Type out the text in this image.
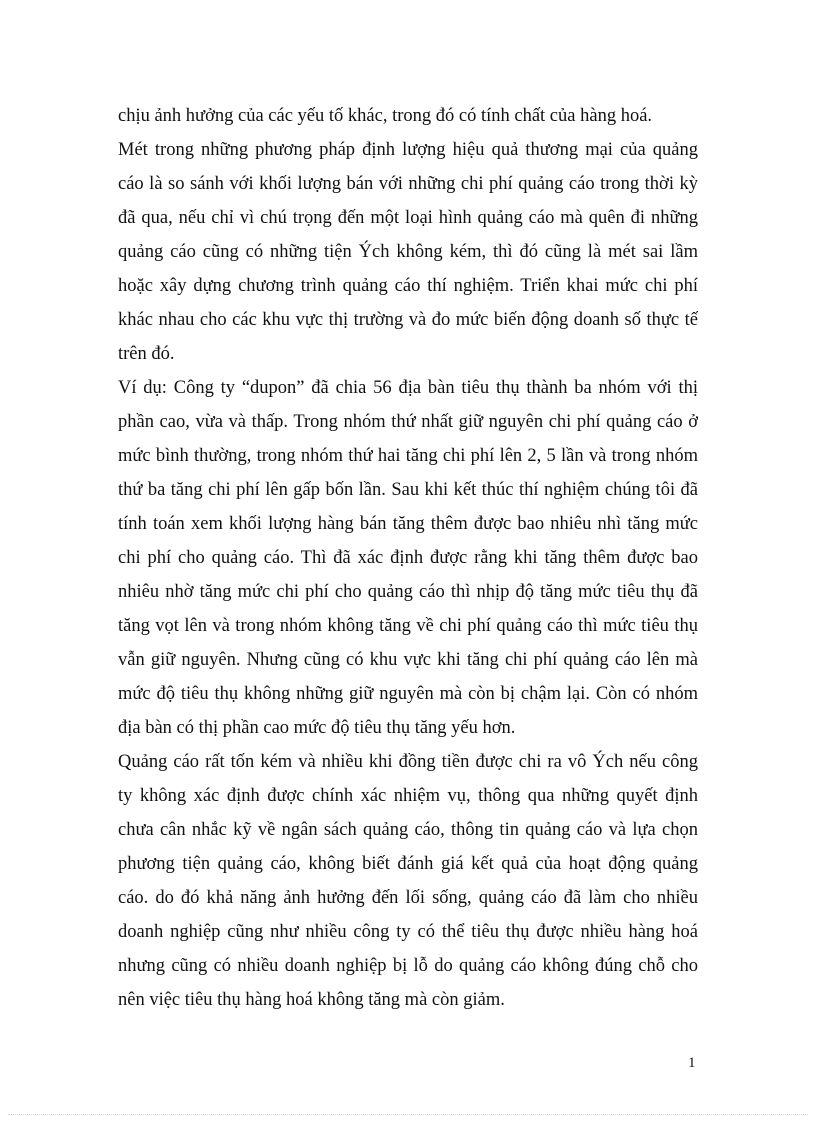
chịu ảnh hưởng của các yếu tố khác, trong đó có tính chất của hàng hoá.
Mét trong những phương pháp định lượng hiệu quả thương mại của quảng
cáo là so sánh với khối lượng bán với những chi phí quảng cáo trong thời kỳ
đã qua, nếu chỉ vì chú trọng đến một loại hình quảng cáo mà quên đi những
quảng cáo cũng có những tiện Ých không kém, thì đó cũng là mét sai lầm
hoặc xây dựng chương trình quảng cáo thí nghiệm. Triển khai mức chi phí
khác nhau cho các khu vực thị trường và đo mức biến động doanh số thực tế
trên đó.
Ví dụ: Công ty “dupon” đã chia 56 địa bàn tiêu thụ thành ba nhóm với thị
phần cao, vừa và thấp. Trong nhóm thứ nhất giữ nguyên chi phí quảng cáo ở
mức bình thường, trong nhóm thứ hai tăng chi phí lên 2, 5 lần và trong nhóm
thứ ba tăng chi phí lên gấp bốn lần. Sau khi kết thúc thí nghiệm chúng tôi đã
tính toán xem khối lượng hàng bán tăng thêm được bao nhiêu nhì tăng mức
chi phí cho quảng cáo. Thì đã xác định được rằng khi tăng thêm được bao
nhiêu nhờ tăng mức chi phí cho quảng cáo thì nhịp độ tăng mức tiêu thụ đã
tăng vọt lên và trong nhóm không tăng về chi phí quảng cáo thì mức tiêu thụ
vẫn giữ nguyên. Nhưng cũng có khu vực khi tăng chi phí quảng cáo lên mà
mức độ tiêu thụ không những giữ nguyên mà còn bị chậm lại. Còn có nhóm
địa bàn có thị phần cao mức độ tiêu thụ tăng yếu hơn.
Quảng cáo rất tốn kém và nhiều khi đồng tiền được chi ra vô Ých nếu công
ty không xác định được chính xác nhiệm vụ, thông qua những quyết định
chưa cân nhắc kỹ về ngân sách quảng cáo, thông tin quảng cáo và lựa chọn
phương tiện quảng cáo, không biết đánh giá kết quả của hoạt động quảng
cáo. do đó khả năng ảnh hưởng đến lối sống, quảng cáo đã làm cho nhiều
doanh nghiệp cũng như nhiều công ty có thể tiêu thụ được nhiều hàng hoá
nhưng cũng có nhiều doanh nghiệp bị lỗ do quảng cáo không đúng chỗ cho
nên việc tiêu thụ hàng hoá không tăng mà còn giảm.
1
